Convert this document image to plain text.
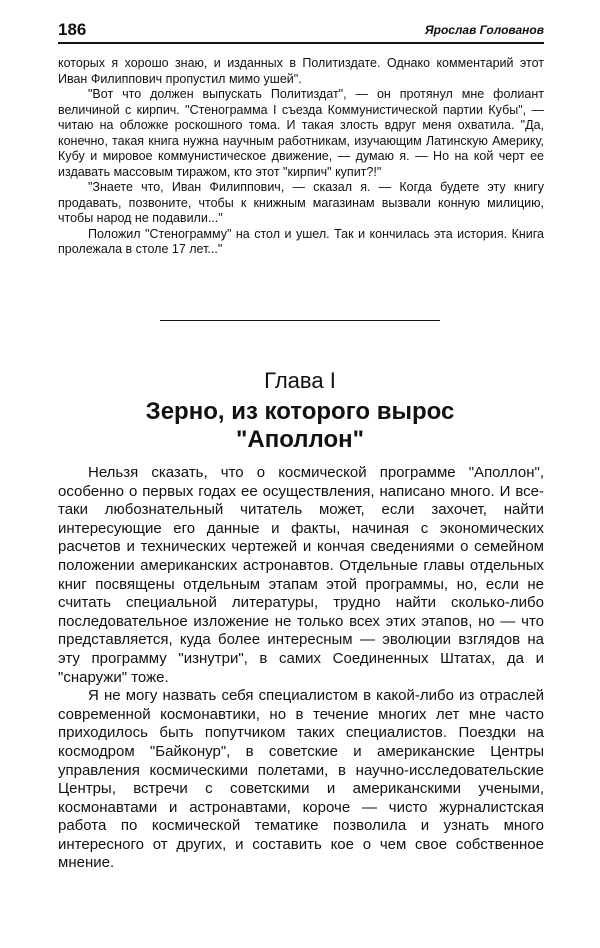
186	Ярослав Голованов

которых я хорошо знаю, и изданных в Политиздате. Однако комментарий этот Иван Филиппович пропустил мимо ушей".

"Вот что должен выпускать Политиздат", — он протянул мне фолиант величиной с кирпич. "Стенограмма I съезда Коммунистической партии Кубы", — читаю на обложке роскошного тома. И такая злость вдруг меня охватила. "Да, конечно, такая книга нужна научным работникам, изучающим Латинскую Америку, Кубу и мировое коммунистическое движение, — думаю я. — Но на кой черт ее издавать массовым тиражом, кто этот "кирпич" купит?!"

"Знаете что, Иван Филиппович, — сказал я. — Когда будете эту книгу продавать, позвоните, чтобы к книжным магазинам вызвали конную милицию, чтобы народ не подавили..."

Положил "Стенограмму" на стол и ушел. Так и кончилась эта история. Книга пролежала в столе 17 лет..."

Глава I
Зерно, из которого вырос
"Аполлон"

Нельзя сказать, что о космической программе "Аполлон", особенно о первых годах ее осуществления, написано много. И все-таки любознательный читатель может, если захочет, найти интересующие его данные и факты, начиная с экономических расчетов и технических чертежей и кончая сведениями о семейном положении американских астронавтов. Отдельные главы отдельных книг посвящены отдельным этапам этой программы, но, если не считать специальной литературы, трудно найти сколько-либо последовательное изложение не только всех этих этапов, но — что представляется, куда более интересным — эволюции взглядов на эту программу "изнутри", в самих Соединенных Штатах, да и "снаружи" тоже.

Я не могу назвать себя специалистом в какой-либо из отраслей современной космонавтики, но в течение многих лет мне часто приходилось быть попутчиком таких специалистов. Поездки на космодром "Байконур", в советские и американские Центры управления космическими полетами, в научно-исследовательские Центры, встречи с советскими и американскими учеными, космонавтами и астронавтами, короче — чисто журналистская работа по космической тематике позволила и узнать много интересного от других, и составить кое о чем свое собственное мнение.
